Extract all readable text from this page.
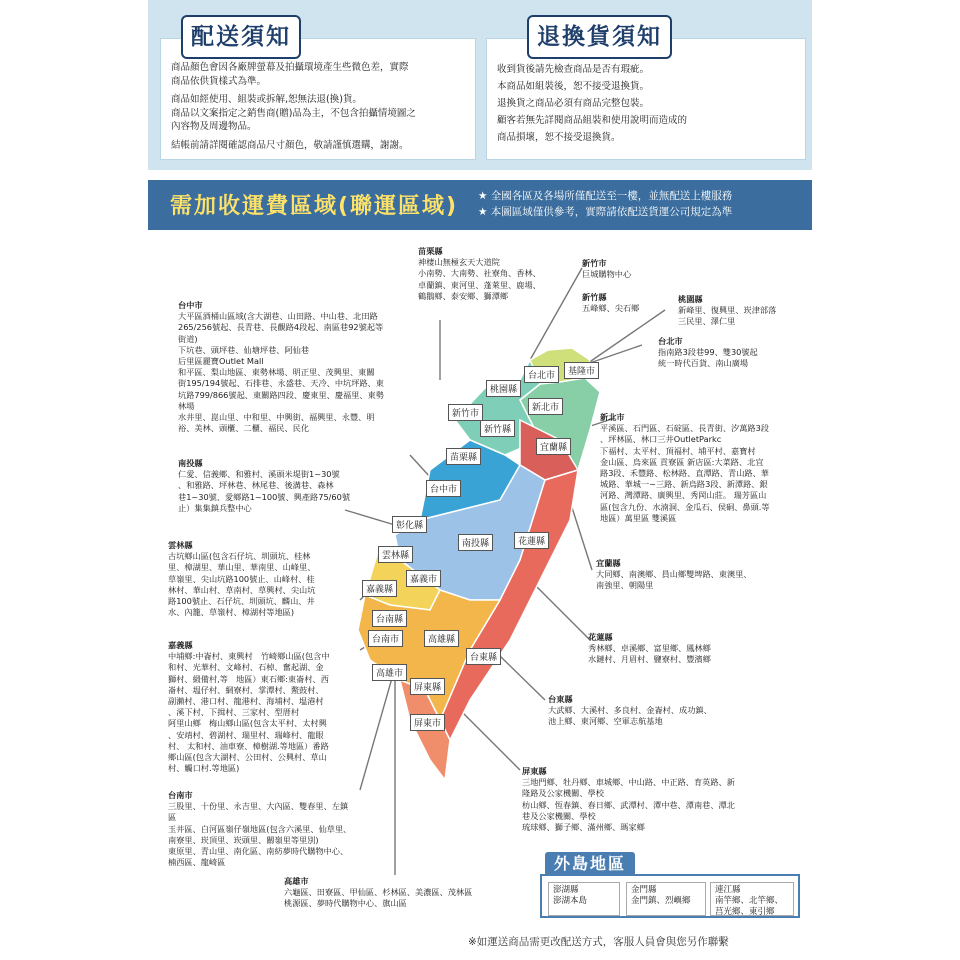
配送須知
商品顏色會因各廠牌螢幕及拍攝環境產生些微色差，實際
商品依供貨樣式為準。
商品如經使用、組裝或拆解,恕無法退(換)貨。
商品以文案指定之銷售商(贈)品為主，不包含拍攝情境圖之
內容物及周邊物品。
結帳前請詳閱確認商品尺寸顏色，敬請謹慎選購，謝謝。
退換貨須知
收到貨後請先檢查商品是否有瑕疵。
本商品如組裝後，恕不接受退換貨。
退換貨之商品必須有商品完整包裝。
顧客若無先詳閱商品組裝和使用說明而造成的
商品損壞，恕不接受退換貨。
需加收運費區域(聯運區域) ★ 全國各區及各場所僅配送至一樓，並無配送上樓服務
★ 本圖區域僅供參考，實際請依配送貨運公司規定為準
台北市	基隆市
桃園縣
新北市
新竹市
新竹縣
宜蘭縣
苗栗縣
台中市
彰化縣
南投縣	花蓮縣
雲林縣
嘉義市
嘉義縣
台南縣
台南市	高雄縣
高雄市
台東縣
屏東縣
屏東市
苗栗縣
神棲山無極玄天大道院
小南勢、大南勢、社寮角、香林、
卓蘭鎮、東河里、蓬萊里、鹿場、
鶴鵝鄉、泰安鄉、獅潭鄉
新竹市
巨城購物中心
新竹縣
五峰鄉、尖石鄉
桃園縣
新峰里、復興里、崁津部落
三民里、澤仁里
台北市
指南路3段巷99、雙30號起
統一時代百貨、南山廣場
台中市
大平區酒桶山區域(含大湖巷、山田路、中山巷、北田路
265/256號起、長青巷、長觀路4段起、南區巷92號起等
街道)
下坑巷、頭坪巷、仙塘坪巷、阿仙巷
后里區麗寶Outlet Mall
和平區、梨山地區、東勢林場、明正里、茂興里、東關
街195/194號起、石排巷、永盛巷、天冷、中坑坪路、東
坑路799/866號起、東關路四段、慶東里、慶福里、東勢
林場
水井里、崑山里、中和里、中興街、福興里、永豐、明
裕、美林、頭櫃、二櫃、福民、民化
南投縣
仁愛、信義鄉、和雅村、溪頭米堤街1~30號
、和雅路、坪林巷、林尾巷、後溝巷、森林
巷1~30號、愛鄉路1~100號、興產路75/60號
止）集集鎮兵整中心
新北市
平溪區、石門區、石碇區、長青街、汐萬路3段
、坪林區、林口三井OutletParkc
下福村、太平村、頂福村、埔平村、嘉寶村
金山區、烏來區 貢寮區 新店區:大菜路、北宜
路3段、禾豐路、松林路、直潭路、青山路、華
城路、華城一~三路、新烏路3段、新潭路、銀
河路、灣潭路、廣興里、秀岡山莊。 瑞芳區山
區(包含九份、水湳洞、金瓜石、侯硐、鼻頭.等
地區）萬里區 雙溪區
雲林縣
古坑鄉山區(包含石仔坑、圳頭坑、桂林
里、樟湖里、華山里、華南里、山峰里、
草嶺里、尖山坑路100號止、山峰村、桂
林村、華山村、草南村、草興村、尖山坑
路100號止、石仔坑、圳頭坑、麟山、井
水、內籠、草嶺村、樟湖村等地區)
宜蘭縣
大同鄉、南澳鄉、員山鄉雙埤路、東澳里、
南強里、朝陽里
嘉義縣
中埔鄉:中崙村、東興村　竹崎鄉山區(包含中
和村、光華村、文峰村、石棹、奮起湖、金
獅村、緞備村,等　地區）東石鄉:東崙村、西
崙村、塭仔村、網寮村、掌潭村、鰲鼓村、
副瀨村、港口村、龍港村、海埔村、塭港村
、溪下村、下揖村、三家村、型厝村
阿里山鄉　梅山鄉山區(包含太平村、太村興
、安靖村、碧湖村、瑞里村、瑞峰村、龍眼
村、 太和村、油車寮、樟樹湖.等地區）番路
鄉山區(包含大湖村、公田村、公興村、草山
村、觸口村.等地區)
花蓮縣
秀林鄉、卓溪鄉、富里鄉、鳳林鄉
水鏈村、月眉村、鹽寮村、豐濱鄉
台東縣
大武鄉、大溪村、多良村、金崙村、成功鎮、
池上鄉、東河鄉、空軍志航基地
屏東縣
三地門鄉、牡丹鄉、車城鄉、中山路、中正路、育英路、新
隆路及公家機關、學校
枋山鄉、恆春鎮、春日鄉、武潭村、潭中巷、潭南巷、潭北
巷及公家機關、學校
琉球鄉、獅子鄉、滿州鄉、瑪家鄉
台南市
三股里、十份里、永吉里、大內區、雙春里、左鎮
區
玉井區、白河區嶺仔嶺地區(包含六溪里、仙草里、
南寮里、崁頂里、崁頭里、關嶺里等里別)
東原里、青山里、南化區、南紡夢時代購物中心、
楠西區、龍崎區
高雄市
六龜區、田寮區、甲仙區、杉林區、美濃區、茂林區
桃源區、夢時代購物中心、旗山區
外島地區
澎湖縣
澎湖本島
金門縣
金門鎮、烈嶼鄉
連江縣
南竿鄉、北竿鄉、莒光鄉、東引鄉
※如運送商品需更改配送方式，客服人員會與您另作聯繫
